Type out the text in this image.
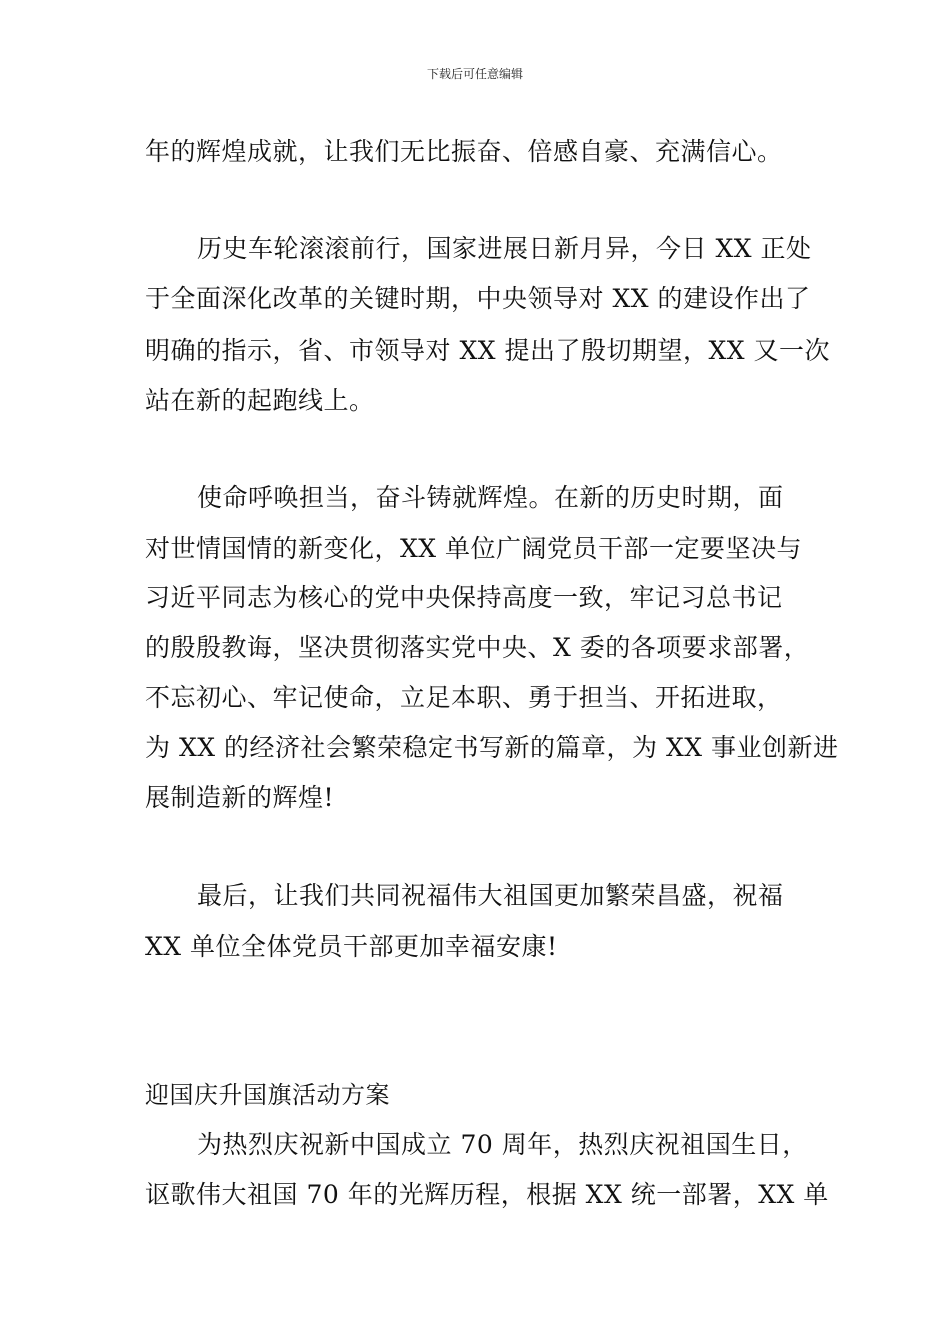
下载后可任意编辑
年的辉煌成就，让我们无比振奋、倍感自豪、充满信心。
历史车轮滚滚前行，国家进展日新月异，今日 XX 正处
于全面深化改革的关键时期，中央领导对 XX 的建设作出了
明确的指示，省、市领导对 XX 提出了殷切期望，XX 又一次
站在新的起跑线上。
使命呼唤担当，奋斗铸就辉煌。在新的历史时期，面
对世情国情的新变化，XX 单位广阔党员干部一定要坚决与
习近平同志为核心的党中央保持高度一致，牢记习总书记
的殷殷教诲，坚决贯彻落实党中央、X 委的各项要求部署，
不忘初心、牢记使命，立足本职、勇于担当、开拓进取，
为 XX 的经济社会繁荣稳定书写新的篇章，为 XX 事业创新进
展制造新的辉煌!
最后，让我们共同祝福伟大祖国更加繁荣昌盛，祝福
XX 单位全体党员干部更加幸福安康!
迎国庆升国旗活动方案
为热烈庆祝新中国成立 70 周年，热烈庆祝祖国生日，
讴歌伟大祖国 70 年的光辉历程，根据 XX 统一部署，XX 单
